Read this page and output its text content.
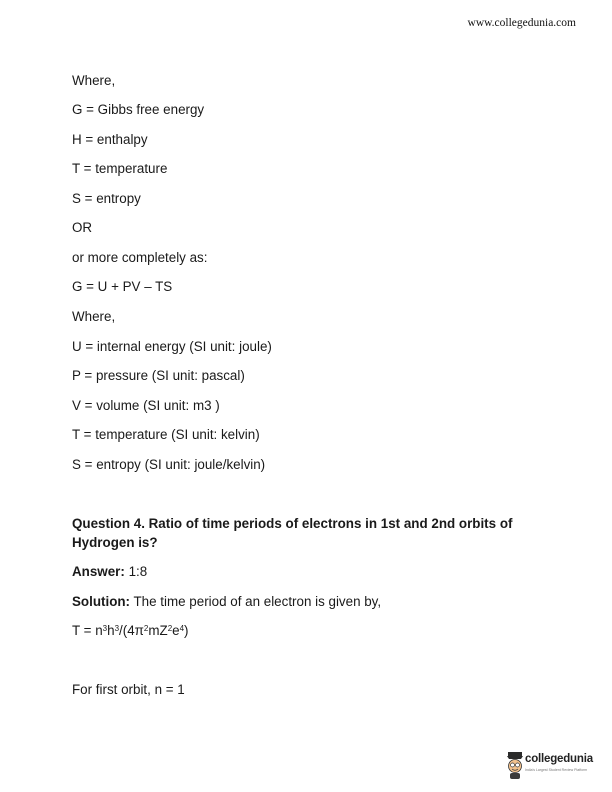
www.collegedunia.com
Where,
G = Gibbs free energy
H = enthalpy
T = temperature
S = entropy
OR
or more completely as:
G = U + PV – TS
Where,
U = internal energy (SI unit: joule)
P = pressure (SI unit: pascal)
V = volume (SI unit: m3 )
T = temperature (SI unit: kelvin)
S = entropy (SI unit: joule/kelvin)
Question 4. Ratio of time periods of electrons in 1st and 2nd orbits of Hydrogen is?
Answer: 1:8
Solution: The time period of an electron is given by,
$T = n^3h^3/(4\pi^2mZ^2e^4)$
For first orbit, n = 1
collegedunia
India's Largest Student Review Platform
